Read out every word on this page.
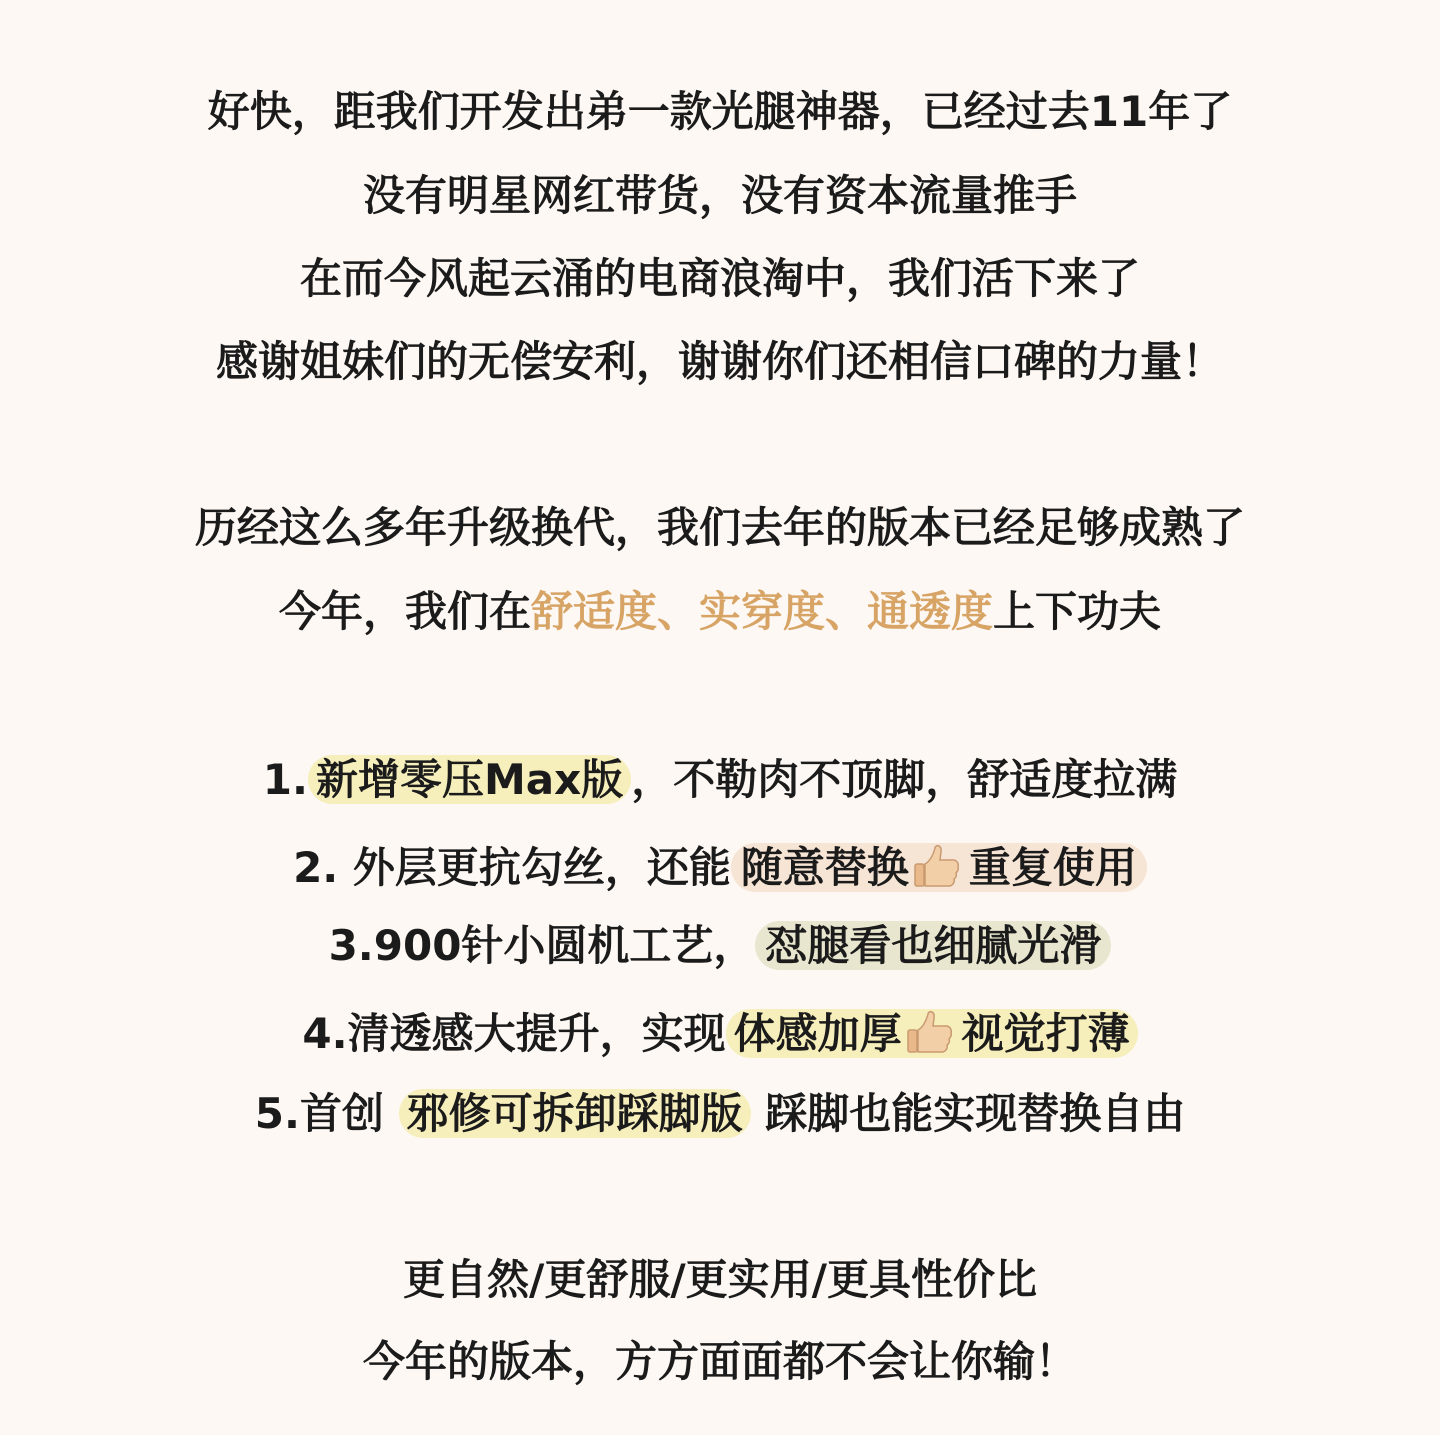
好快，距我们开发出弟一款光腿神器，已经过去11年了
没有明星网红带货，没有资本流量推手
在而今风起云涌的电商浪淘中，我们活下来了
感谢姐妹们的无偿安利，谢谢你们还相信口碑的力量！
历经这么多年升级换代，我们去年的版本已经足够成熟了
今年，我们在舒适度、实穿度、通透度上下功夫
1. 新增零压Max版 ，不勒肉不顶脚，舒适度拉满
2. 外层更抗勾丝，还能 随意替换 重复使用
3.900针小圆机工艺， 怼腿看也细腻光滑
4.清透感大提升，实现 体感加厚 视觉打薄
5.首创 邪修可拆卸踩脚版 踩脚也能实现替换自由
更自然/更舒服/更实用/更具性价比
今年的版本，方方面面都不会让你输！
